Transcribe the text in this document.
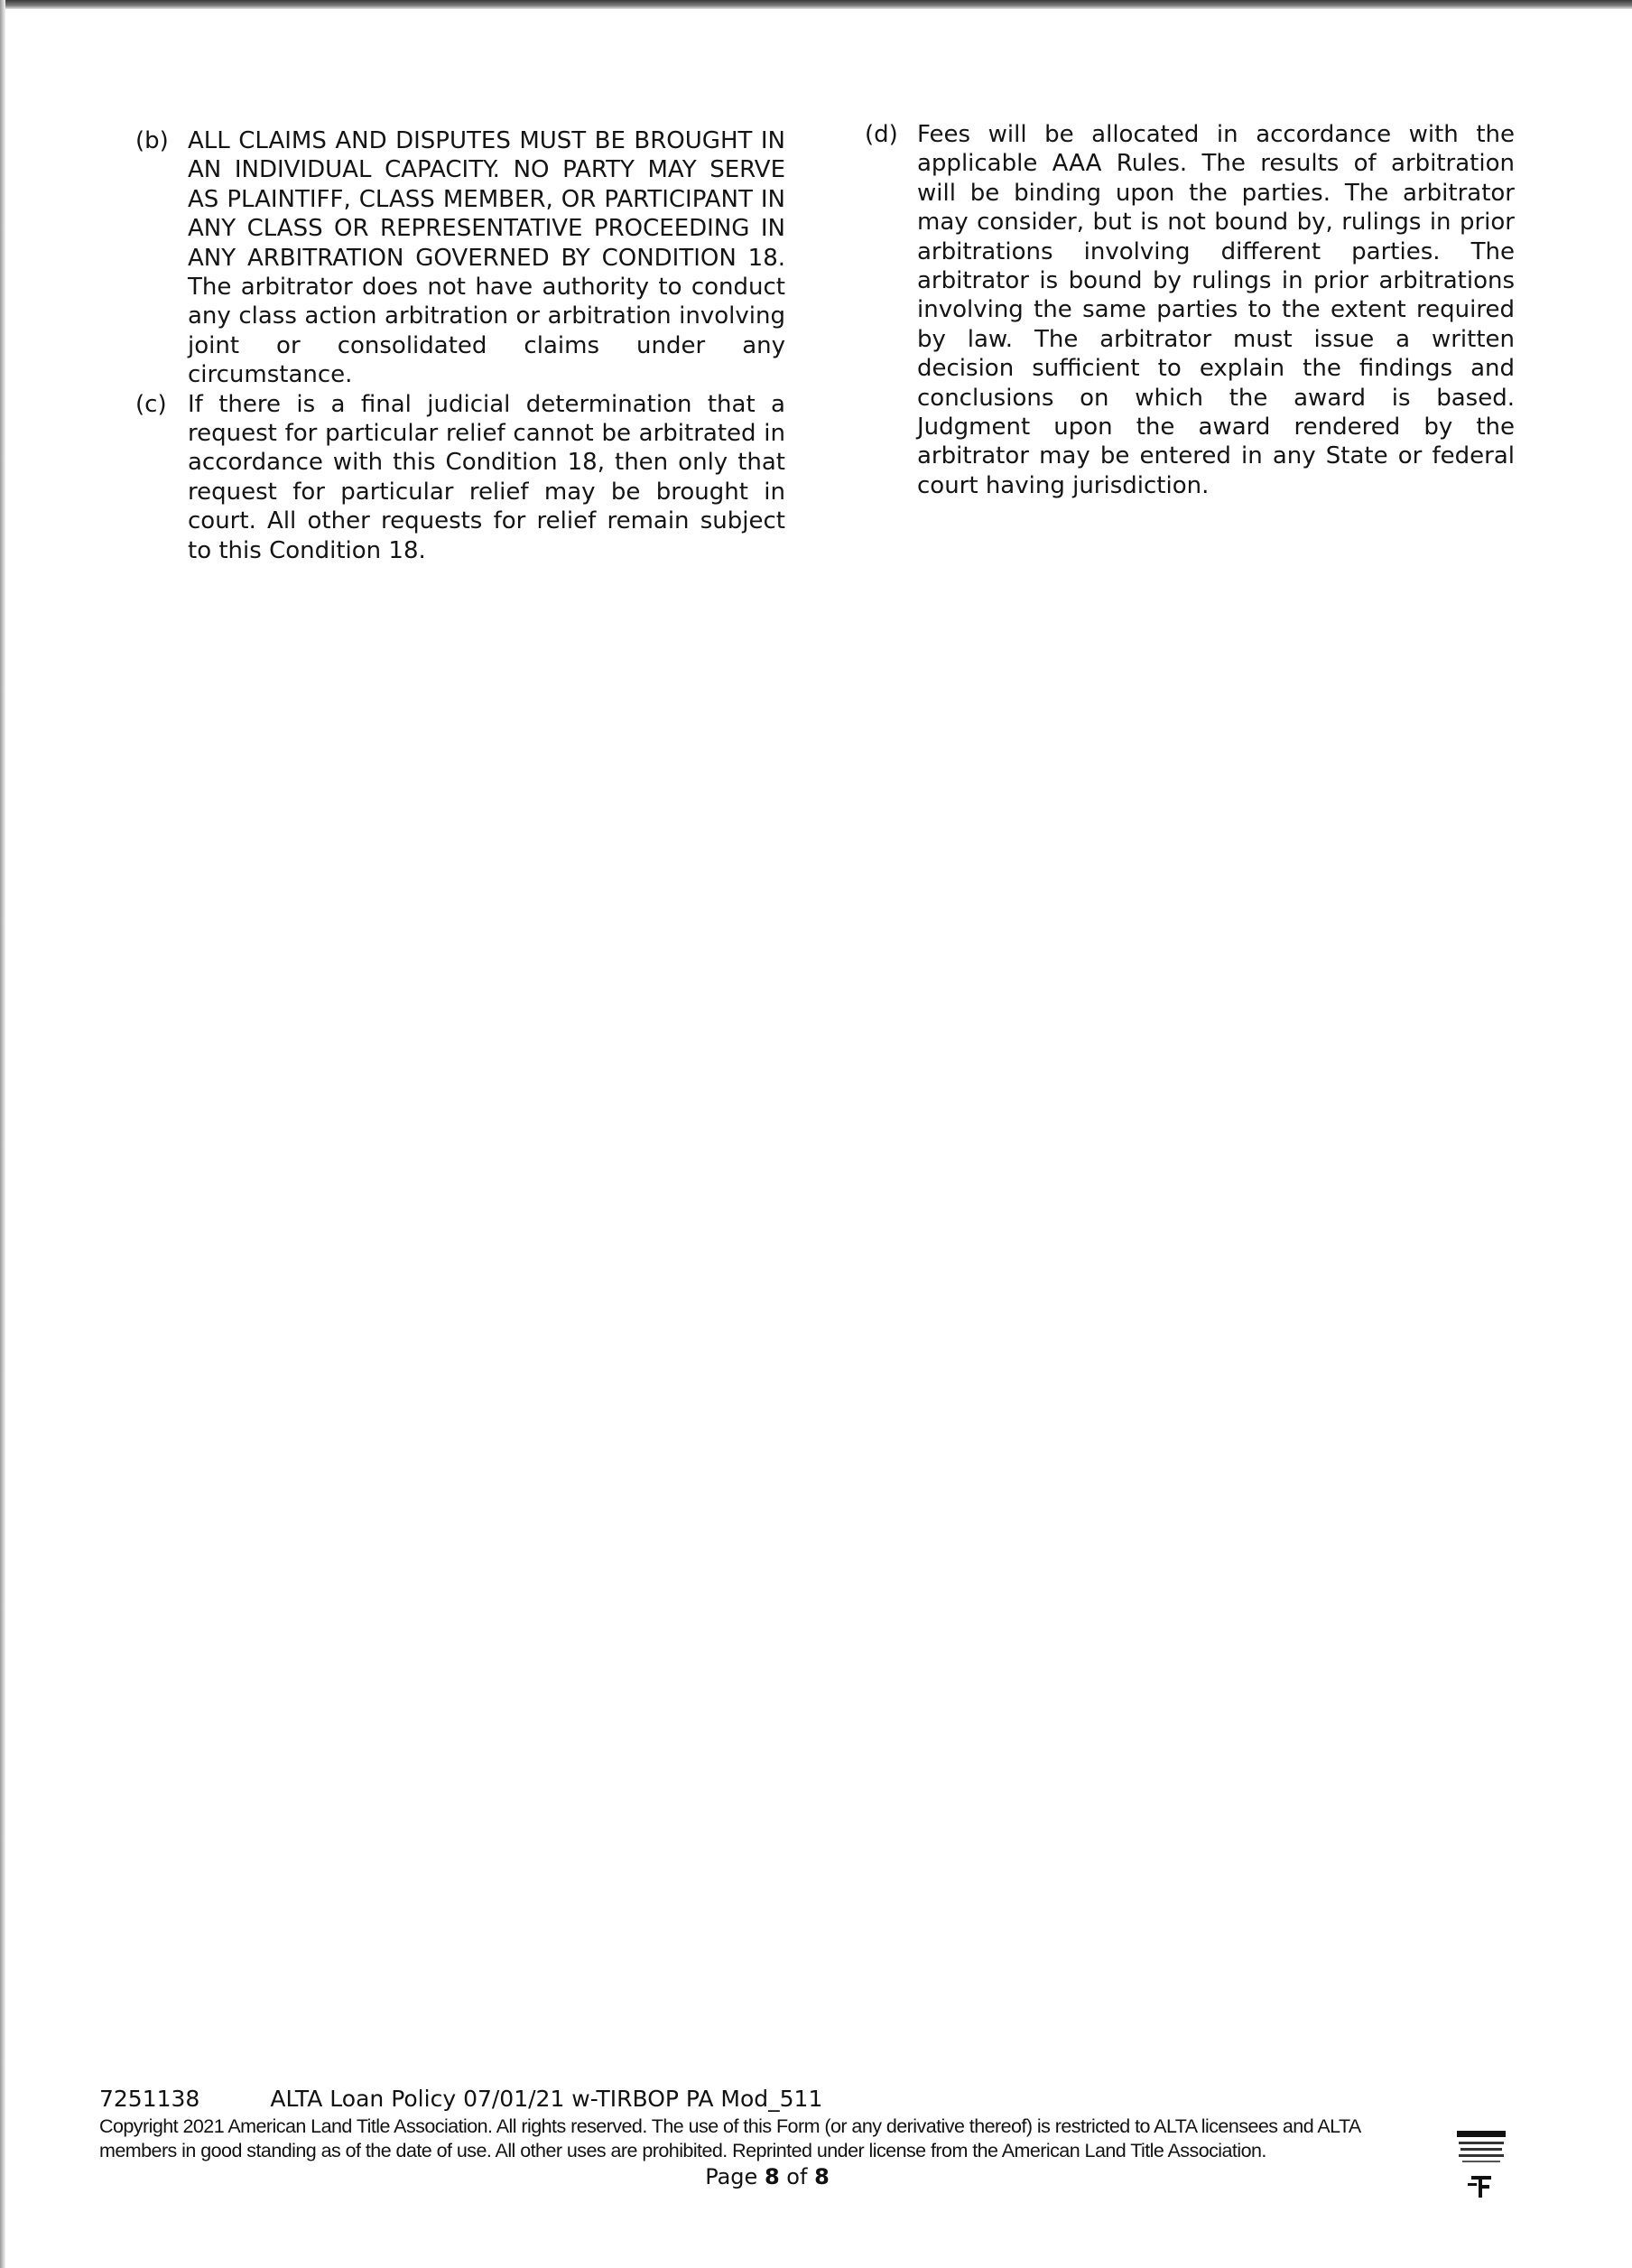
(b) ALL CLAIMS AND DISPUTES MUST BE BROUGHT IN AN INDIVIDUAL CAPACITY. NO PARTY MAY SERVE AS PLAINTIFF, CLASS MEMBER, OR PARTICIPANT IN ANY CLASS OR REPRESENTATIVE PROCEEDING IN ANY ARBITRATION GOVERNED BY CONDITION 18. The arbitrator does not have authority to conduct any class action arbitration or arbitration involving joint or consolidated claims under any circumstance.
(c) If there is a final judicial determination that a request for particular relief cannot be arbitrated in accordance with this Condition 18, then only that request for particular relief may be brought in court. All other requests for relief remain subject to this Condition 18.
(d) Fees will be allocated in accordance with the applicable AAA Rules. The results of arbitration will be binding upon the parties. The arbitrator may consider, but is not bound by, rulings in prior arbitrations involving different parties. The arbitrator is bound by rulings in prior arbitrations involving the same parties to the extent required by law. The arbitrator must issue a written decision sufficient to explain the findings and conclusions on which the award is based. Judgment upon the award rendered by the arbitrator may be entered in any State or federal court having jurisdiction.
7251138	ALTA Loan Policy 07/01/21 w-TIRBOP PA Mod_511
Copyright 2021 American Land Title Association. All rights reserved. The use of this Form (or any derivative thereof) is restricted to ALTA licensees and ALTA members in good standing as of the date of use. All other uses are prohibited. Reprinted under license from the American Land Title Association.
Page 8 of 8
